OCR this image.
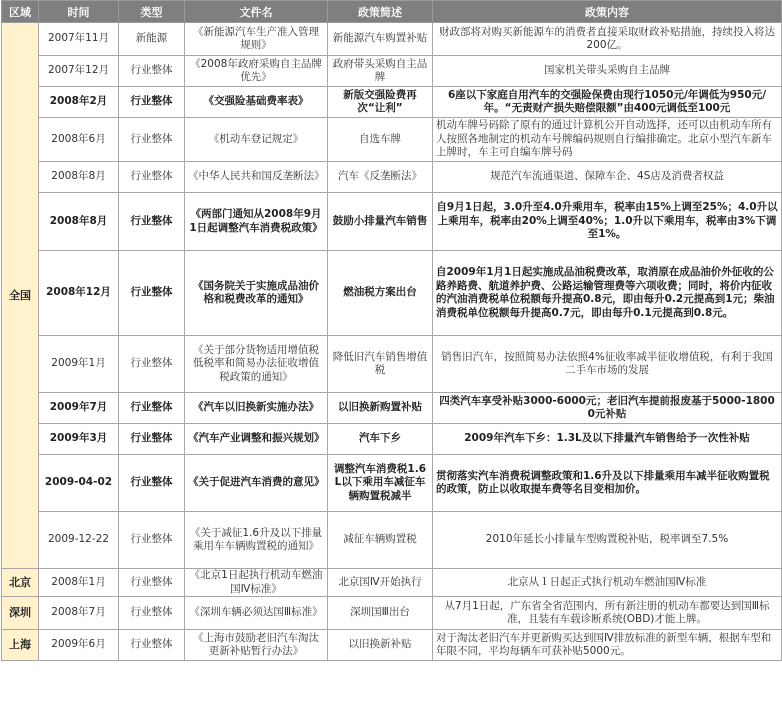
区域	时间	类型	文件名	政策简述	政策内容
全国	2007年11月	新能源	《新能源汽车生产准入管理规则》	新能源汽车购置补贴	财政部将对购买新能源车的消费者直接采取财政补贴措施，持续投入将达200亿。
	2007年12月	行业整体	《2008年政府采购自主品牌优先》	政府带头采购自主品牌	国家机关带头采购自主品牌
	2008年2月	行业整体	《交强险基础费率表》	新版交强险费再次“让利”	6座以下家庭自用汽车的交强险保费由现行1050元/年调低为950元/年。“无责财产损失赔偿限额”由400元调低至100元
	2008年6月	行业整体	《机动车登记规定》	自选车牌	机动车牌号码除了原有的通过计算机公开自动选择，还可以由机动车所有人按照各地制定的机动车号牌编码规则自行编排确定。北京小型汽车新车上牌时，车主可自编车牌号码
	2008年8月	行业整体	《中华人民共和国反垄断法》	汽车《反垄断法》	规范汽车流通渠道、保障车企、4S店及消费者权益
	2008年8月	行业整体	《两部门通知从2008年9月1日起调整汽车消费税政策》	鼓励小排量汽车销售	自9月1日起，3.0升至4.0升乘用车，税率由15%上调至25%；4.0升以上乘用车，税率由20%上调至40%；1.0升以下乘用车，税率由3%下调至1%。
	2008年12月	行业整体	《国务院关于实施成品油价格和税费改革的通知》	燃油税方案出台	自2009年1月1日起实施成品油税费改革，取消原在成品油价外征收的公路养路费、航道养护费、公路运输管理费等六项收费；同时，将价内征收的汽油消费税单位税额每升提高0.8元，即由每升0.2元提高到1元；柴油消费税单位税额每升提高0.7元，即由每升0.1元提高到0.8元。
	2009年1月	行业整体	《关于部分货物适用增值税低税率和简易办法征收增值税政策的通知》	降低旧汽车销售增值税	销售旧汽车，按照简易办法依照4%征收率减半征收增值税，有利于我国二手车市场的发展
	2009年7月	行业整体	《汽车以旧换新实施办法》	以旧换新购置补贴	四类汽车享受补贴3000-6000元；老旧汽车提前报废基于5000-18000元补贴
	2009年3月	行业整体	《汽车产业调整和振兴规划》	汽车下乡	2009年汽车下乡：1.3L及以下排量汽车销售给予一次性补贴
	2009-04-02	行业整体	《关于促进汽车消费的意见》	调整汽车消费税1.6L以下乘用车减征车辆购置税减半	贯彻落实汽车消费税调整政策和1.6升及以下排量乘用车减半征收购置税的政策，防止以收取提车费等名目变相加价。
	2009-12-22	行业整体	《关于减征1.6升及以下排量乘用车车辆购置税的通知》	减征车辆购置税	2010年延长小排量车型购置税补贴，税率调至7.5%
北京	2008年1月	行业整体	《北京1日起执行机动车燃油国Ⅳ标准》	北京国Ⅳ开始执行	北京从１日起正式执行机动车燃油国Ⅳ标准
深圳	2008年7月	行业整体	《深圳车辆必须达国Ⅲ标准》	深圳国Ⅲ出台	从7月1日起，广东省全省范围内，所有新注册的机动车都要达到国Ⅲ标准，且装有车载诊断系统(OBD)才能上牌。
上海	2009年6月	行业整体	《上海市鼓励老旧汽车淘汰更新补贴暂行办法》	以旧换新补贴	对于淘汰老旧汽车并更新购买达到国Ⅳ排放标准的新型车辆，根据车型和年限不同，平均每辆车可获补贴5000元。
